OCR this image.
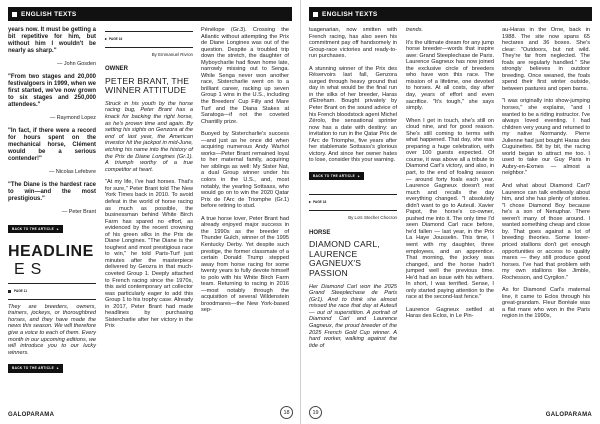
ENGLISH TEXTS

years now. It must be getting a bit repetitive for him, but without him I wouldn't be nearly as sharp."

— John Gosden

"From two stages and 20,000 festivalgoers in 1999, when we first started, we've now grown to six stages and 250,000 attendees."

— Raymond Lopez

"In fact, if there were a record for hours spent on the mechanical horse, Clément would be a serious contender!"

— Nicolas Lefebvre

"The Diane is the hardest race to win—and the most prestigious."

— Peter Brant
BACK TO THE ARTICLE ▸
HEADLINE
ES
PAGE 11

They are breeders, owners, trainers, jockeys, or thoroughbred horses, and they have made the news this season. We will therefore give a voice to each of them. Every month in our upcoming editions, we will introduce you to our lucky winners.

BACK TO THE ARTICLE ▸
▸ PAGE 16
By Emmanuel Rivron
OWNER
PETER BRANT, THE WINNER ATTITUDE

Struck in his youth by the horse racing bug, Peter Brant has a knack for backing the right horse, as he's proven time and again. By setting his sights on Genzora at the end of last year, the American investor hit the jackpot in mid-June, etching his name into the history of the Prix de Diane Longines (Gr.1). A triumph worthy of a true competitor at heart.

"At my life, I've had horses. That's for sure," Peter Brant told The New York Times back in 2010. To avoid defeat in the world of horse racing as much as possible, the businessman behind White Birch Farm has spared no effort, as evidenced by the recent crowning of his green silks in the Prix de Diane Longines. "The Diane is the toughest and most prestigious race to win," he told Paris-Turf just minutes after the masterpiece delivered by Geozra in that much-coveted Group 1. Deeply attached to French racing since the 1970s, this avid contemporary art collector was particularly eager to add this Group 1 to his trophy case. Already in 2017, Peter Brant had made headlines by purchasing Sistercharlie after her victory in the Prix

Pénélope (Gr.3). Crossing the Atlantic without attempting the Prix de Diane Longines was out of the question. Despite a troubled trip down the stretch, the daughter of Myboycharlie had flown home late, narrowly missing out to Senga. While Senga never won another race, Sistercharlie went on to a brilliant career, racking up seven Group 1 wins in the U.S., including the Breeders' Cup Filly and Mare Turf and the Diana Stakes at Saratoga—if not the coveted Chantilly prize.

Buoyed by Sistercharlie's success—and just as he once did when acquiring numerous Andy Warhol works—Peter Brant remained loyal to her maternal family, acquiring her siblings as well: My Sister Nat, a dual Group winner under his colors in the U.S., and, most notably, the yearling Sottsass, who would go on to win the 2020 Qatar Prix de l'Arc de Triomphe (Gr.1) before retiring to stud.

A true horse lover, Peter Brant had already enjoyed major success in the 1990s as the breeder of Thunder Gulch, winner of the 1995 Kentucky Derby. Yet despite such prestige, the former classmate of a certain Donald Trump stepped away from horse racing for some twenty years to fully devote himself to polo with his White Birch Farm team. Returning to racing in 2016—most notably through the acquisition of several Wildenstein broodmares—the New York-based sep-

GALOPARAMA	18
ENGLISH TEXTS

tuagenarian, now smitten with French racing, has also seen his commitment pay off handsomely in Group-race victories and ready-to-run purchases.

A stunning winner of the Prix des Réservoirs last fall, Genzora surged through heavy ground that day in what would be the final run in the silks of her breeder, Haras d'Etreham. Bought privately by Peter Brant on the sound advice of his French bloodstock agent Michel Zérolo, the sensational sprinter now has a date with destiny: an invitation to run in the Qatar Prix de l'Arc de Triomphe, five years after her stablemate Sottsass's glorious victory. And since her owner hates to lose, consider this your warning.

BACK TO THE ARTICLE ▸
▸ PAGE 18
By Loïc Stecher Chocron
HORSE
DIAMOND CARL, LAURENCE GAGNEUX'S PASSION

Her Diamond Carl won the 2025 Grand Steeplechase de Paris (Gr1). And to think she almost missed the race that day at Auteuil — out of superstition. A portrait of Diamond Carl and Laurence Gagneux, the proud breeder of the 2025 French Gold Cup winner. A hard worker, walking against the tide of

trends.

It's the ultimate dream for any jump horse breeder—words that inspire awe: Grand Steeplechase de Paris. Laurence Gagneux has now joined the exclusive circle of breeders who have won this race. The mission of a lifetime, one devoted to horses. At all costs, day after day, years of effort and even sacrifice. "It's tough," she says simply.

When I get in touch, she's still on cloud nine, and for good reason. She's still coming to terms with what happened. That day, she was preparing a huge celebration, with over 100 guests expected. Of course, it was above all a tribute to Diamond Carl's victory, and also, in part, to the end of foaling season — around forty foals each year. Laurence Gagneux doesn't rest much and recalls the day everything changed. "I absolutely didn't want to go to Auteuil. Xavier Papot, the horse's co-owner, pushed me into it. The only time I'd seen Diamond Carl race before, he'd fallen — last year, in the Prix La Haye Jousselin. This time, I went with my daughter, three employees, and an apprentice. That morning, the jockey was changed, and the horse hadn't jumped well the previous time. He'd had an issue with his withers. In short, I was terrified. Sense, I only started paying attention to the race at the second-last fence."

Laurence Gagneux settled at Haras des Eclos, in Le Pin-

au-Haras in the Orne, back in 1988. The site now spans 65 hectares and 36 boxes. She's clear: "Outdoors, but not wild. They're far from neglected. The foals are regularly handled." She strongly believes in outdoor breeding. Once weaned, the foals spend their first winter outside, between pastures and open barns.

"I was originally into show-jumping horses," she explains, "and I wanted to be a riding instructor. I've always loved eventing. I had children very young and returned to my native Normandy. Pierre Julienne had just bought Haras des Cuguinettes. Bit by bit, the racing world began to attract me too. I used to take our Guy Paris in Aubry-en-Exmes — almost a neighbor."

And what about Diamond Carl? Laurence can talk endlessly about him, and she has plenty of stories. "I chose Diamond Boy because he's a son of Nenuphar. There weren't many of those around. I wanted something cheap and close by. That goes against a lot of breeding theories. Some lower-priced stallions don't get enough opportunities or access to quality mares — they still produce good horses. I've had that problem with my own stallions like Jimble, Rochesson, and Cyrgilon."

As for Diamond Carl's maternal line, it came to Eclos through his great-grandam. Fleur Boréale was a flat mare who won in the Paris region in the 1990s,

19	GALOPARAMA
